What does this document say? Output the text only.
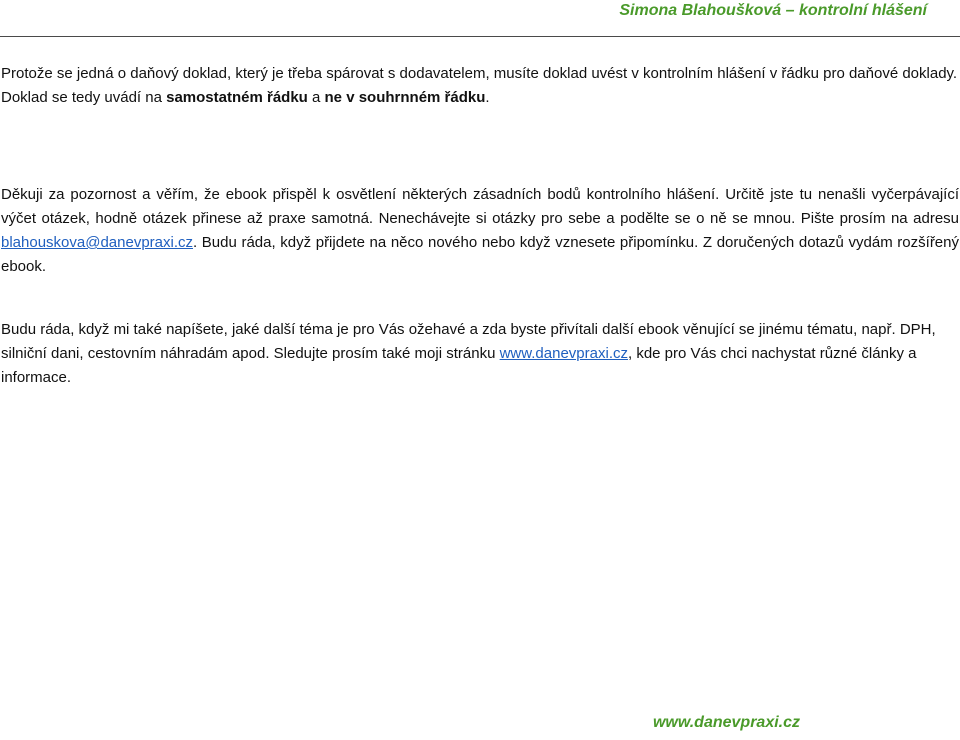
Simona Blahoušková – kontrolní hlášení

Protože se jedná o daňový doklad, který je třeba spárovat s dodavatelem, musíte doklad uvést v kontrolním hlášení v řádku pro daňové doklady. Doklad se tedy uvádí na samostatném řádku a ne v souhrnném řádku.

Děkuji za pozornost a věřím, že ebook přispěl k osvětlení některých zásadních bodů kontrolního hlášení. Určitě jste tu nenašli vyčerpávající výčet otázek, hodně otázek přinese až praxe samotná. Nenechávejte si otázky pro sebe a podělte se o ně se mnou. Pište prosím na adresu blahouskova@danevpraxi.cz. Budu ráda, když přijdete na něco nového nebo když vznesete připomínku. Z doručených dotazů vydám rozšířený ebook.

Budu ráda, když mi také napíšete, jaké další téma je pro Vás ožehavé a zda byste přivítali další ebook věnující se jinému tématu, např. DPH, silniční dani, cestovním náhradám apod. Sledujte prosím také moji stránku www.danevpraxi.cz, kde pro Vás chci nachystat různé články a informace.

www.danevpraxi.cz
